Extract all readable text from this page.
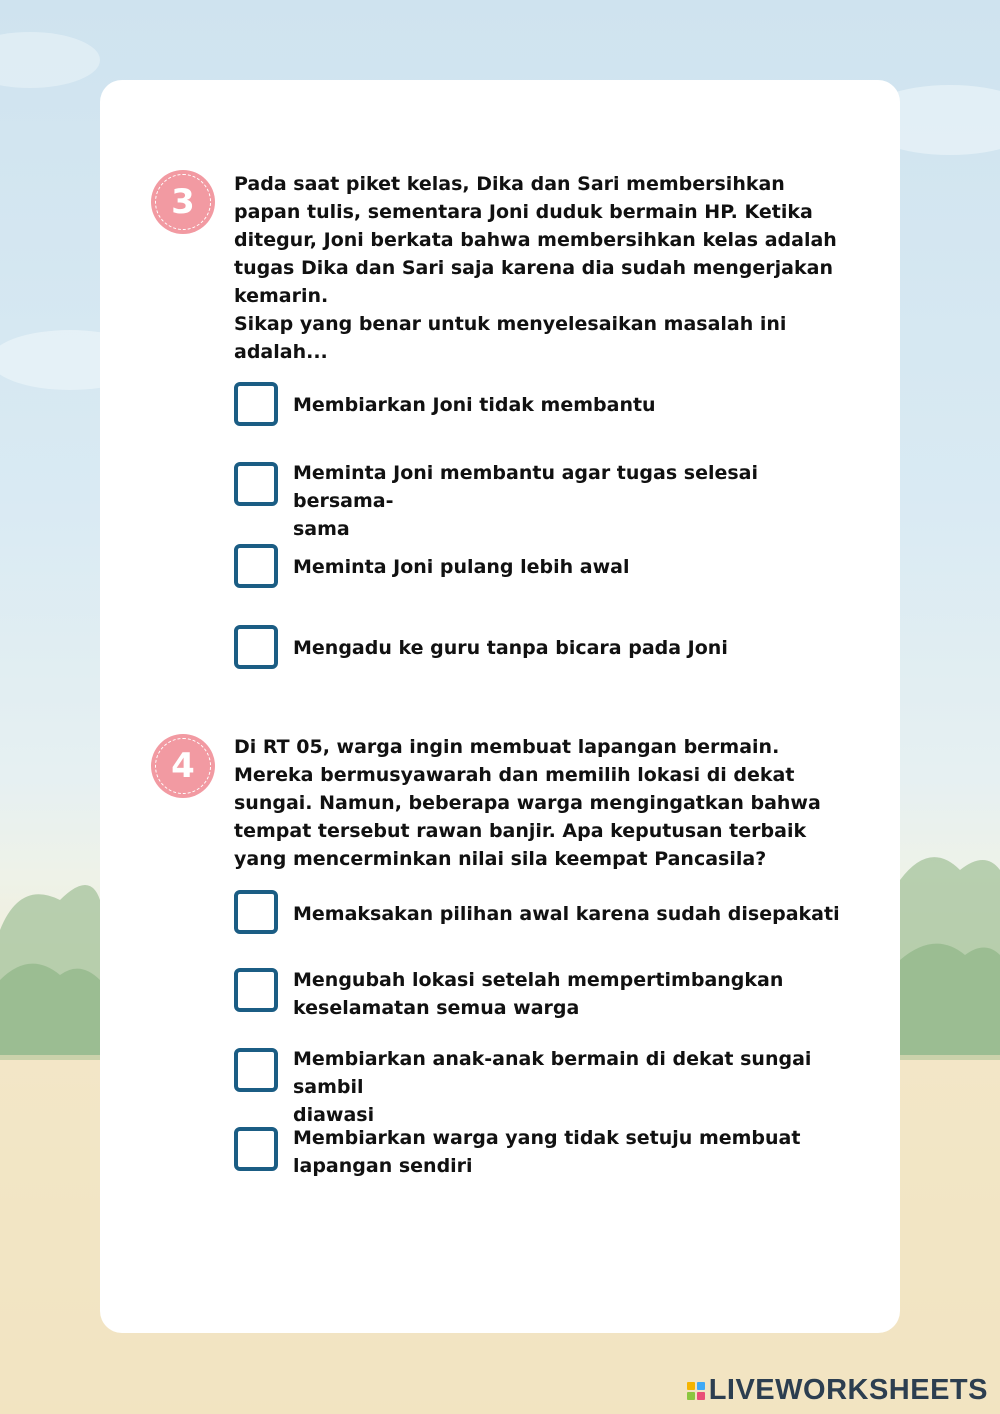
3 Pada saat piket kelas, Dika dan Sari membersihkan
papan tulis, sementara Joni duduk bermain HP. Ketika
ditegur, Joni berkata bahwa membersihkan kelas adalah
tugas Dika dan Sari saja karena dia sudah mengerjakan
kemarin.
Sikap yang benar untuk menyelesaikan masalah ini
adalah...

Membiarkan Joni tidak membantu
Meminta Joni membantu agar tugas selesai bersama-
sama
Meminta Joni pulang lebih awal
Mengadu ke guru tanpa bicara pada Joni
4 Di RT 05, warga ingin membuat lapangan bermain.
Mereka bermusyawarah dan memilih lokasi di dekat
sungai. Namun, beberapa warga mengingatkan bahwa
tempat tersebut rawan banjir. Apa keputusan terbaik
yang mencerminkan nilai sila keempat Pancasila?

Memaksakan pilihan awal karena sudah disepakati
Mengubah lokasi setelah mempertimbangkan
keselamatan semua warga
Membiarkan anak-anak bermain di dekat sungai sambil
diawasi
Membiarkan warga yang tidak setuju membuat
lapangan sendiri
LIVEWORKSHEETS
